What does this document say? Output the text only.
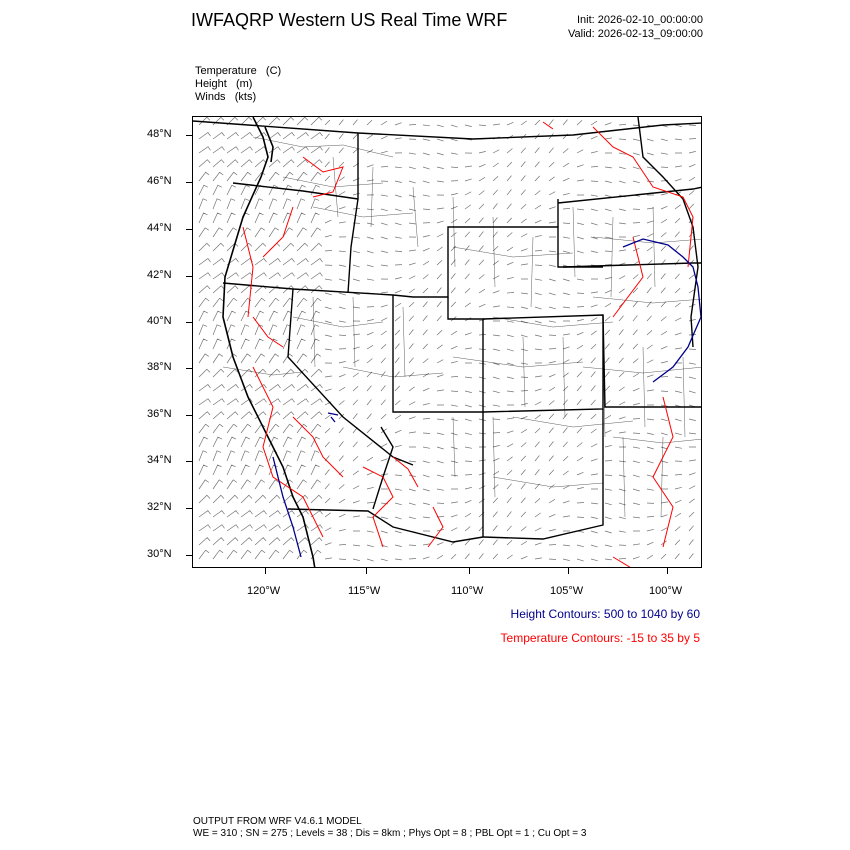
IWFAQRP Western US Real Time WRF	Init: 2026-02-10_00:00:00
Valid: 2026-02-13_09:00:00
Temperature   (C)
Height   (m)
Winds   (kts)
48°N
46°N
44°N
42°N
40°N
38°N
36°N
34°N
32°N
30°N
120°W	115°W	110°W	105°W	100°W
Height Contours: 500 to 1040 by 60
Temperature Contours: -15 to 35 by 5
OUTPUT FROM WRF V4.6.1 MODEL
WE = 310 ; SN = 275 ; Levels = 38 ; Dis = 8km ; Phys Opt = 8 ; PBL Opt = 1 ; Cu Opt = 3
